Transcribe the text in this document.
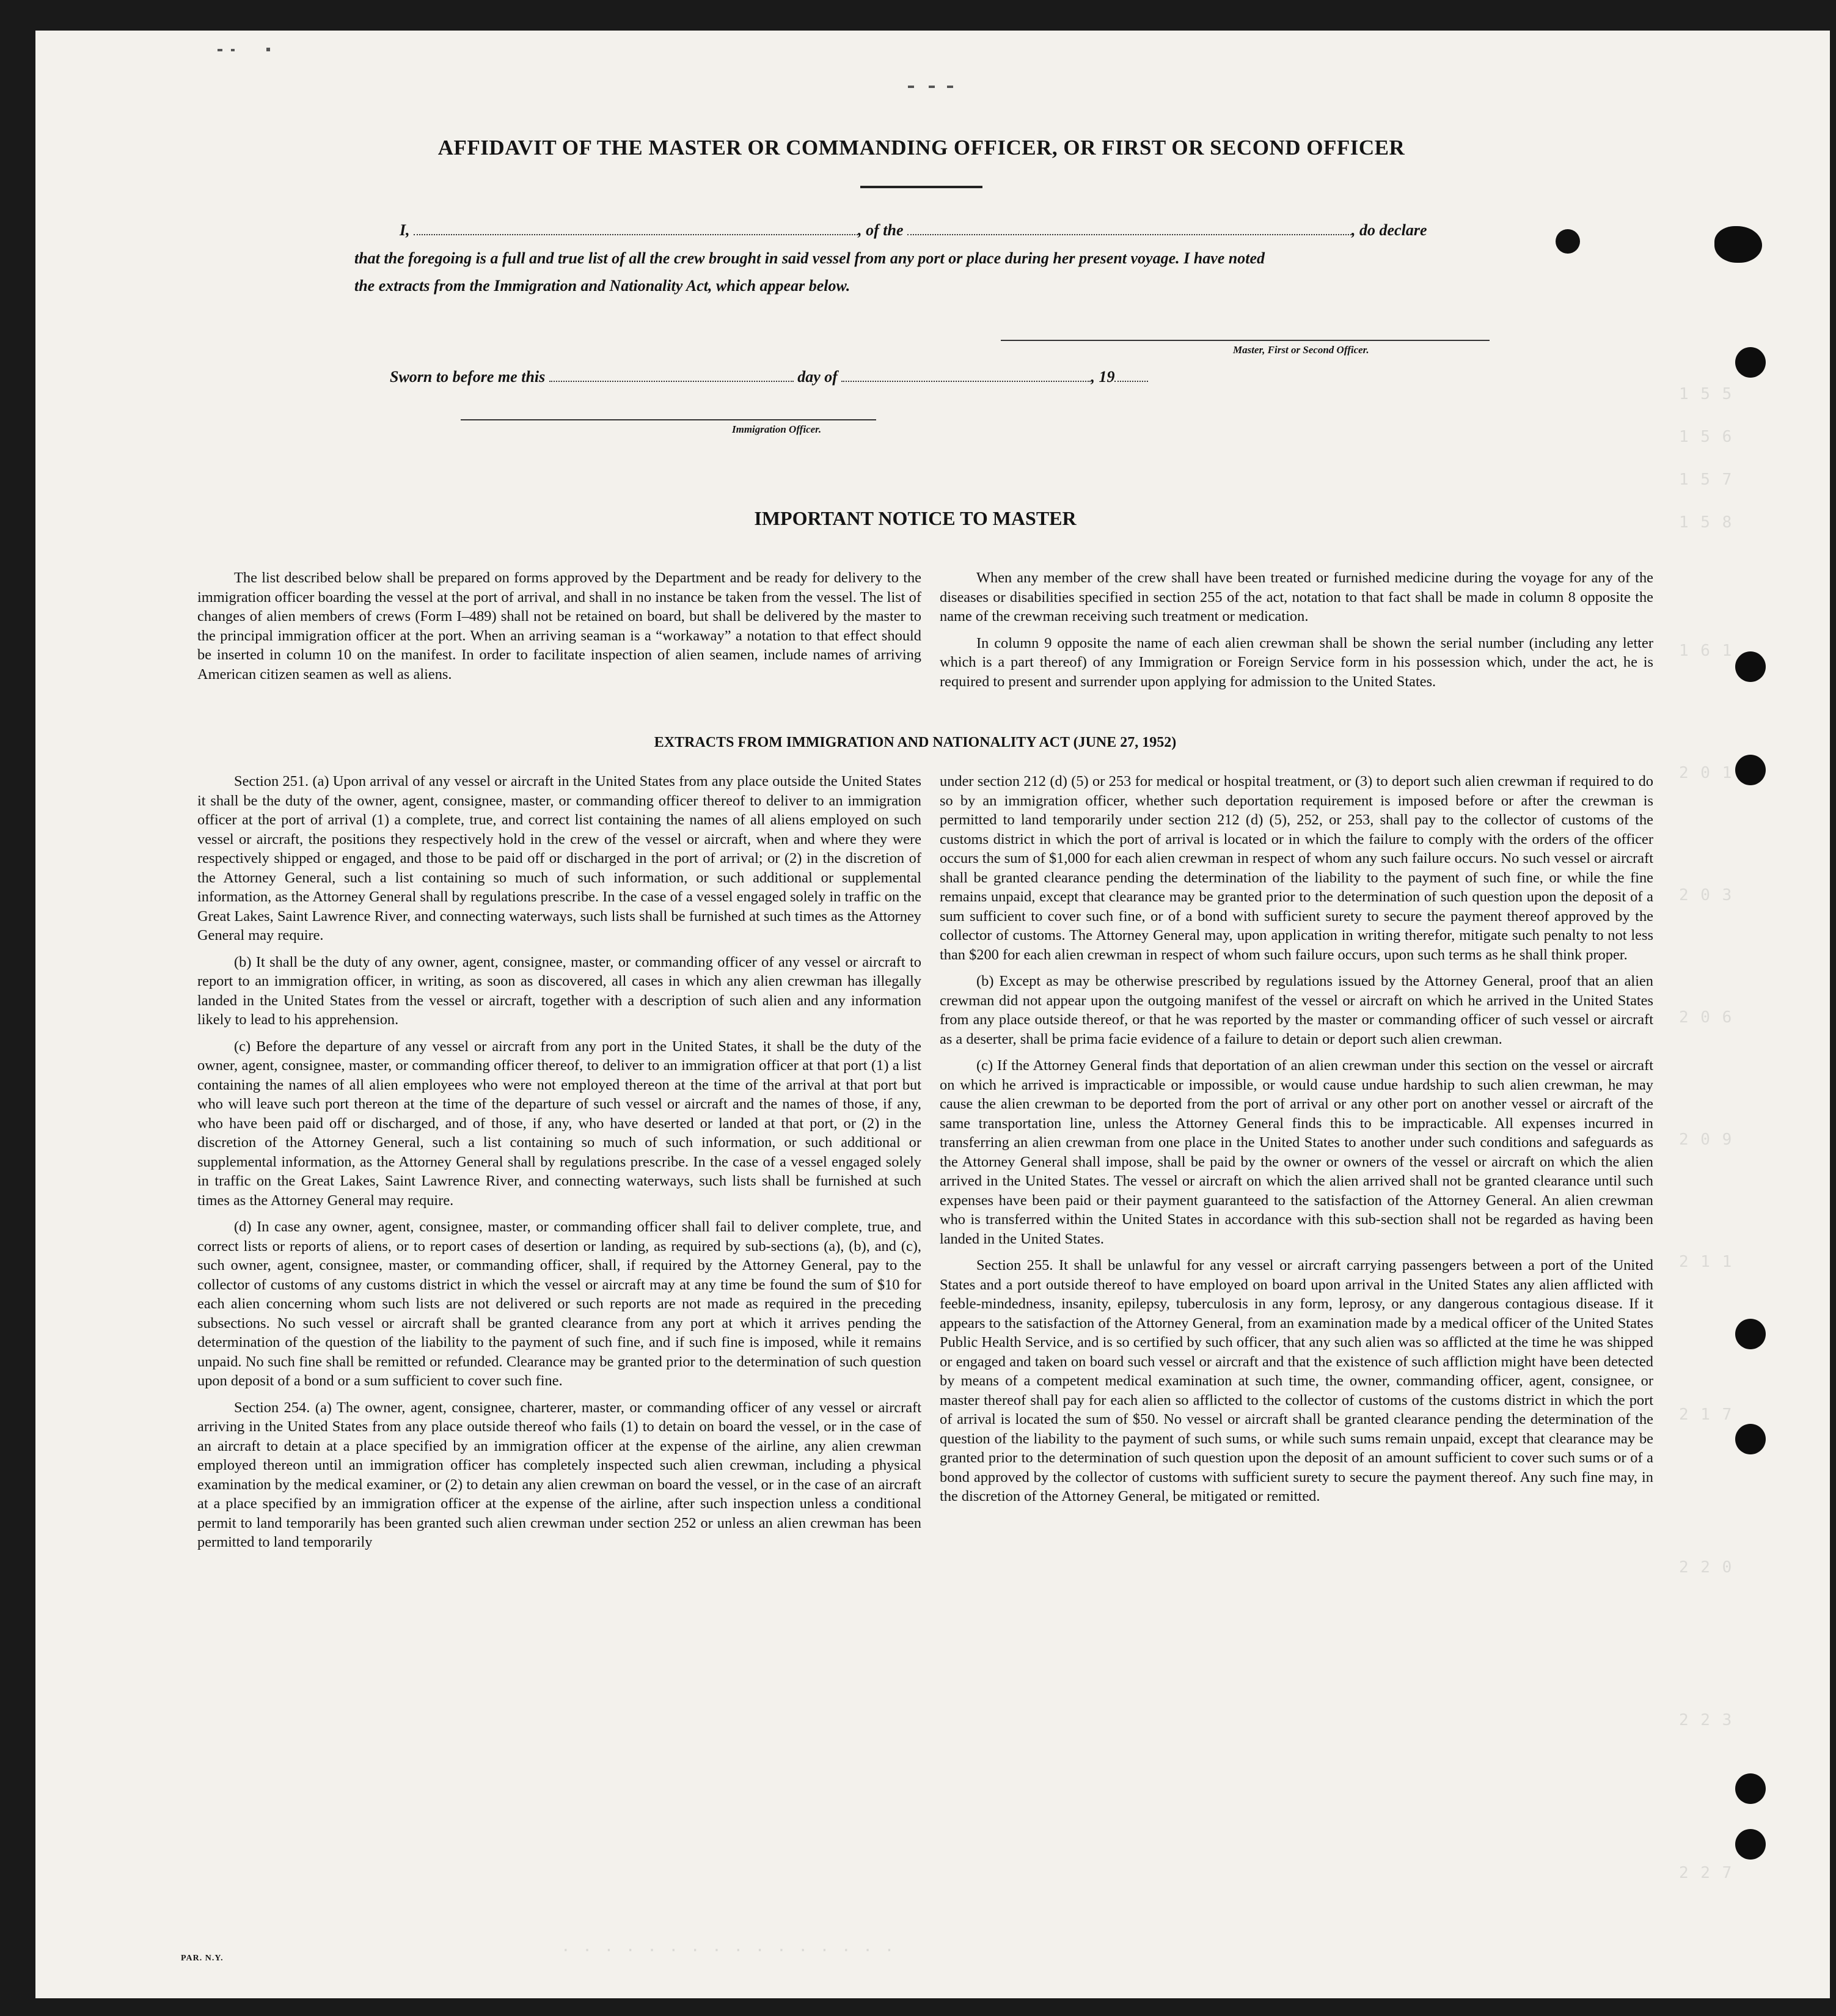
1 5 5
1 5 6
1 5 7
1 5 8
1 6 1
2 0 1
2 0 3
2 0 6
2 0 9
2 1 1
2 1 7
2 2 0
2 2 3
2 2 7
. . . . . . . . . . . . . . . .
AFFIDAVIT OF THE MASTER OR COMMANDING OFFICER, OR FIRST OR SECOND OFFICER
I,	, of the	, do declare
that the foregoing is a full and true list of all the crew brought in said vessel from any port or place during her present voyage. I have noted
the extracts from the Immigration and Nationality Act, which appear below.
Master, First or Second Officer.
Sworn to before me this	day of	, 19
Immigration Officer.
IMPORTANT NOTICE TO MASTER

The list described below shall be prepared on forms approved by the Department and be ready for delivery to the immigration officer boarding the vessel at the port of arrival, and shall in no instance be taken from the vessel. The list of changes of alien members of crews (Form I–489) shall not be retained on board, but shall be delivered by the master to the principal immigration officer at the port. When an arriving seaman is a “workaway” a notation to that effect should be inserted in column 10 on the manifest. In order to facilitate inspection of alien seamen, include names of arriving American citizen seamen as well as aliens.

When any member of the crew shall have been treated or furnished medicine during the voyage for any of the diseases or disabilities specified in section 255 of the act, notation to that fact shall be made in column 8 opposite the name of the crewman receiving such treatment or medication.

In column 9 opposite the name of each alien crewman shall be shown the serial number (including any letter which is a part thereof) of any Immigration or Foreign Service form in his possession which, under the act, he is required to present and surrender upon applying for admission to the United States.

EXTRACTS FROM IMMIGRATION AND NATIONALITY ACT (JUNE 27, 1952)

Section 251. (a) Upon arrival of any vessel or aircraft in the United States from any place outside the United States it shall be the duty of the owner, agent, consignee, master, or commanding officer thereof to deliver to an immigration officer at the port of arrival (1) a complete, true, and correct list containing the names of all aliens employed on such vessel or aircraft, the positions they respectively hold in the crew of the vessel or aircraft, when and where they were respectively shipped or engaged, and those to be paid off or discharged in the port of arrival; or (2) in the discretion of the Attorney General, such a list containing so much of such information, or such additional or supplemental information, as the Attorney General shall by regulations prescribe. In the case of a vessel engaged solely in traffic on the Great Lakes, Saint Lawrence River, and connecting waterways, such lists shall be furnished at such times as the Attorney General may require.

(b) It shall be the duty of any owner, agent, consignee, master, or commanding officer of any vessel or aircraft to report to an immigration officer, in writing, as soon as discovered, all cases in which any alien crewman has illegally landed in the United States from the vessel or aircraft, together with a description of such alien and any information likely to lead to his apprehension.

(c) Before the departure of any vessel or aircraft from any port in the United States, it shall be the duty of the owner, agent, consignee, master, or commanding officer thereof, to deliver to an immigration officer at that port (1) a list containing the names of all alien employees who were not employed thereon at the time of the arrival at that port but who will leave such port thereon at the time of the departure of such vessel or aircraft and the names of those, if any, who have been paid off or discharged, and of those, if any, who have deserted or landed at that port, or (2) in the discretion of the Attorney General, such a list containing so much of such information, or such additional or supplemental information, as the Attorney General shall by regulations prescribe. In the case of a vessel engaged solely in traffic on the Great Lakes, Saint Lawrence River, and connecting waterways, such lists shall be furnished at such times as the Attorney General may require.

(d) In case any owner, agent, consignee, master, or commanding officer shall fail to deliver complete, true, and correct lists or reports of aliens, or to report cases of desertion or landing, as required by sub-sections (a), (b), and (c), such owner, agent, consignee, master, or commanding officer, shall, if required by the Attorney General, pay to the collector of customs of any customs district in which the vessel or aircraft may at any time be found the sum of $10 for each alien concerning whom such lists are not delivered or such reports are not made as required in the preceding subsections. No such vessel or aircraft shall be granted clearance from any port at which it arrives pending the determination of the question of the liability to the payment of such fine, and if such fine is imposed, while it remains unpaid. No such fine shall be remitted or refunded. Clearance may be granted prior to the determination of such question upon deposit of a bond or a sum sufficient to cover such fine.

Section 254. (a) The owner, agent, consignee, charterer, master, or commanding officer of any vessel or aircraft arriving in the United States from any place outside thereof who fails (1) to detain on board the vessel, or in the case of an aircraft to detain at a place specified by an immigration officer at the expense of the airline, any alien crewman employed thereon until an immigration officer has completely inspected such alien crewman, including a physical examination by the medical examiner, or (2) to detain any alien crewman on board the vessel, or in the case of an aircraft at a place specified by an immigration officer at the expense of the airline, after such inspection unless a conditional permit to land temporarily has been granted such alien crewman under section 252 or unless an alien crewman has been permitted to land temporarily

under section 212 (d) (5) or 253 for medical or hospital treatment, or (3) to deport such alien crewman if required to do so by an immigration officer, whether such deportation requirement is imposed before or after the crewman is permitted to land temporarily under section 212 (d) (5), 252, or 253, shall pay to the collector of customs of the customs district in which the port of arrival is located or in which the failure to comply with the orders of the officer occurs the sum of $1,000 for each alien crewman in respect of whom any such failure occurs. No such vessel or aircraft shall be granted clearance pending the determination of the liability to the payment of such fine, or while the fine remains unpaid, except that clearance may be granted prior to the determination of such question upon the deposit of a sum sufficient to cover such fine, or of a bond with sufficient surety to secure the payment thereof approved by the collector of customs. The Attorney General may, upon application in writing therefor, mitigate such penalty to not less than $200 for each alien crewman in respect of whom such failure occurs, upon such terms as he shall think proper.

(b) Except as may be otherwise prescribed by regulations issued by the Attorney General, proof that an alien crewman did not appear upon the outgoing manifest of the vessel or aircraft on which he arrived in the United States from any place outside thereof, or that he was reported by the master or commanding officer of such vessel or aircraft as a deserter, shall be prima facie evidence of a failure to detain or deport such alien crewman.

(c) If the Attorney General finds that deportation of an alien crewman under this section on the vessel or aircraft on which he arrived is impracticable or impossible, or would cause undue hardship to such alien crewman, he may cause the alien crewman to be deported from the port of arrival or any other port on another vessel or aircraft of the same transportation line, unless the Attorney General finds this to be impracticable. All expenses incurred in transferring an alien crewman from one place in the United States to another under such conditions and safeguards as the Attorney General shall impose, shall be paid by the owner or owners of the vessel or aircraft on which the alien arrived in the United States. The vessel or aircraft on which the alien arrived shall not be granted clearance until such expenses have been paid or their payment guaranteed to the satisfaction of the Attorney General. An alien crewman who is transferred within the United States in accordance with this sub-section shall not be regarded as having been landed in the United States.

Section 255. It shall be unlawful for any vessel or aircraft carrying passengers between a port of the United States and a port outside thereof to have employed on board upon arrival in the United States any alien afflicted with feeble-mindedness, insanity, epilepsy, tuberculosis in any form, leprosy, or any dangerous contagious disease. If it appears to the satisfaction of the Attorney General, from an examination made by a medical officer of the United States Public Health Service, and is so certified by such officer, that any such alien was so afflicted at the time he was shipped or engaged and taken on board such vessel or aircraft and that the existence of such affliction might have been detected by means of a competent medical examination at such time, the owner, commanding officer, agent, consignee, or master thereof shall pay for each alien so afflicted to the collector of customs of the customs district in which the port of arrival is located the sum of $50. No vessel or aircraft shall be granted clearance pending the determination of the question of the liability to the payment of such sums, or while such sums remain unpaid, except that clearance may be granted prior to the determination of such question upon the deposit of an amount sufficient to cover such sums or of a bond approved by the collector of customs with sufficient surety to secure the payment thereof. Any such fine may, in the discretion of the Attorney General, be mitigated or remitted.

PAR. N.Y.
